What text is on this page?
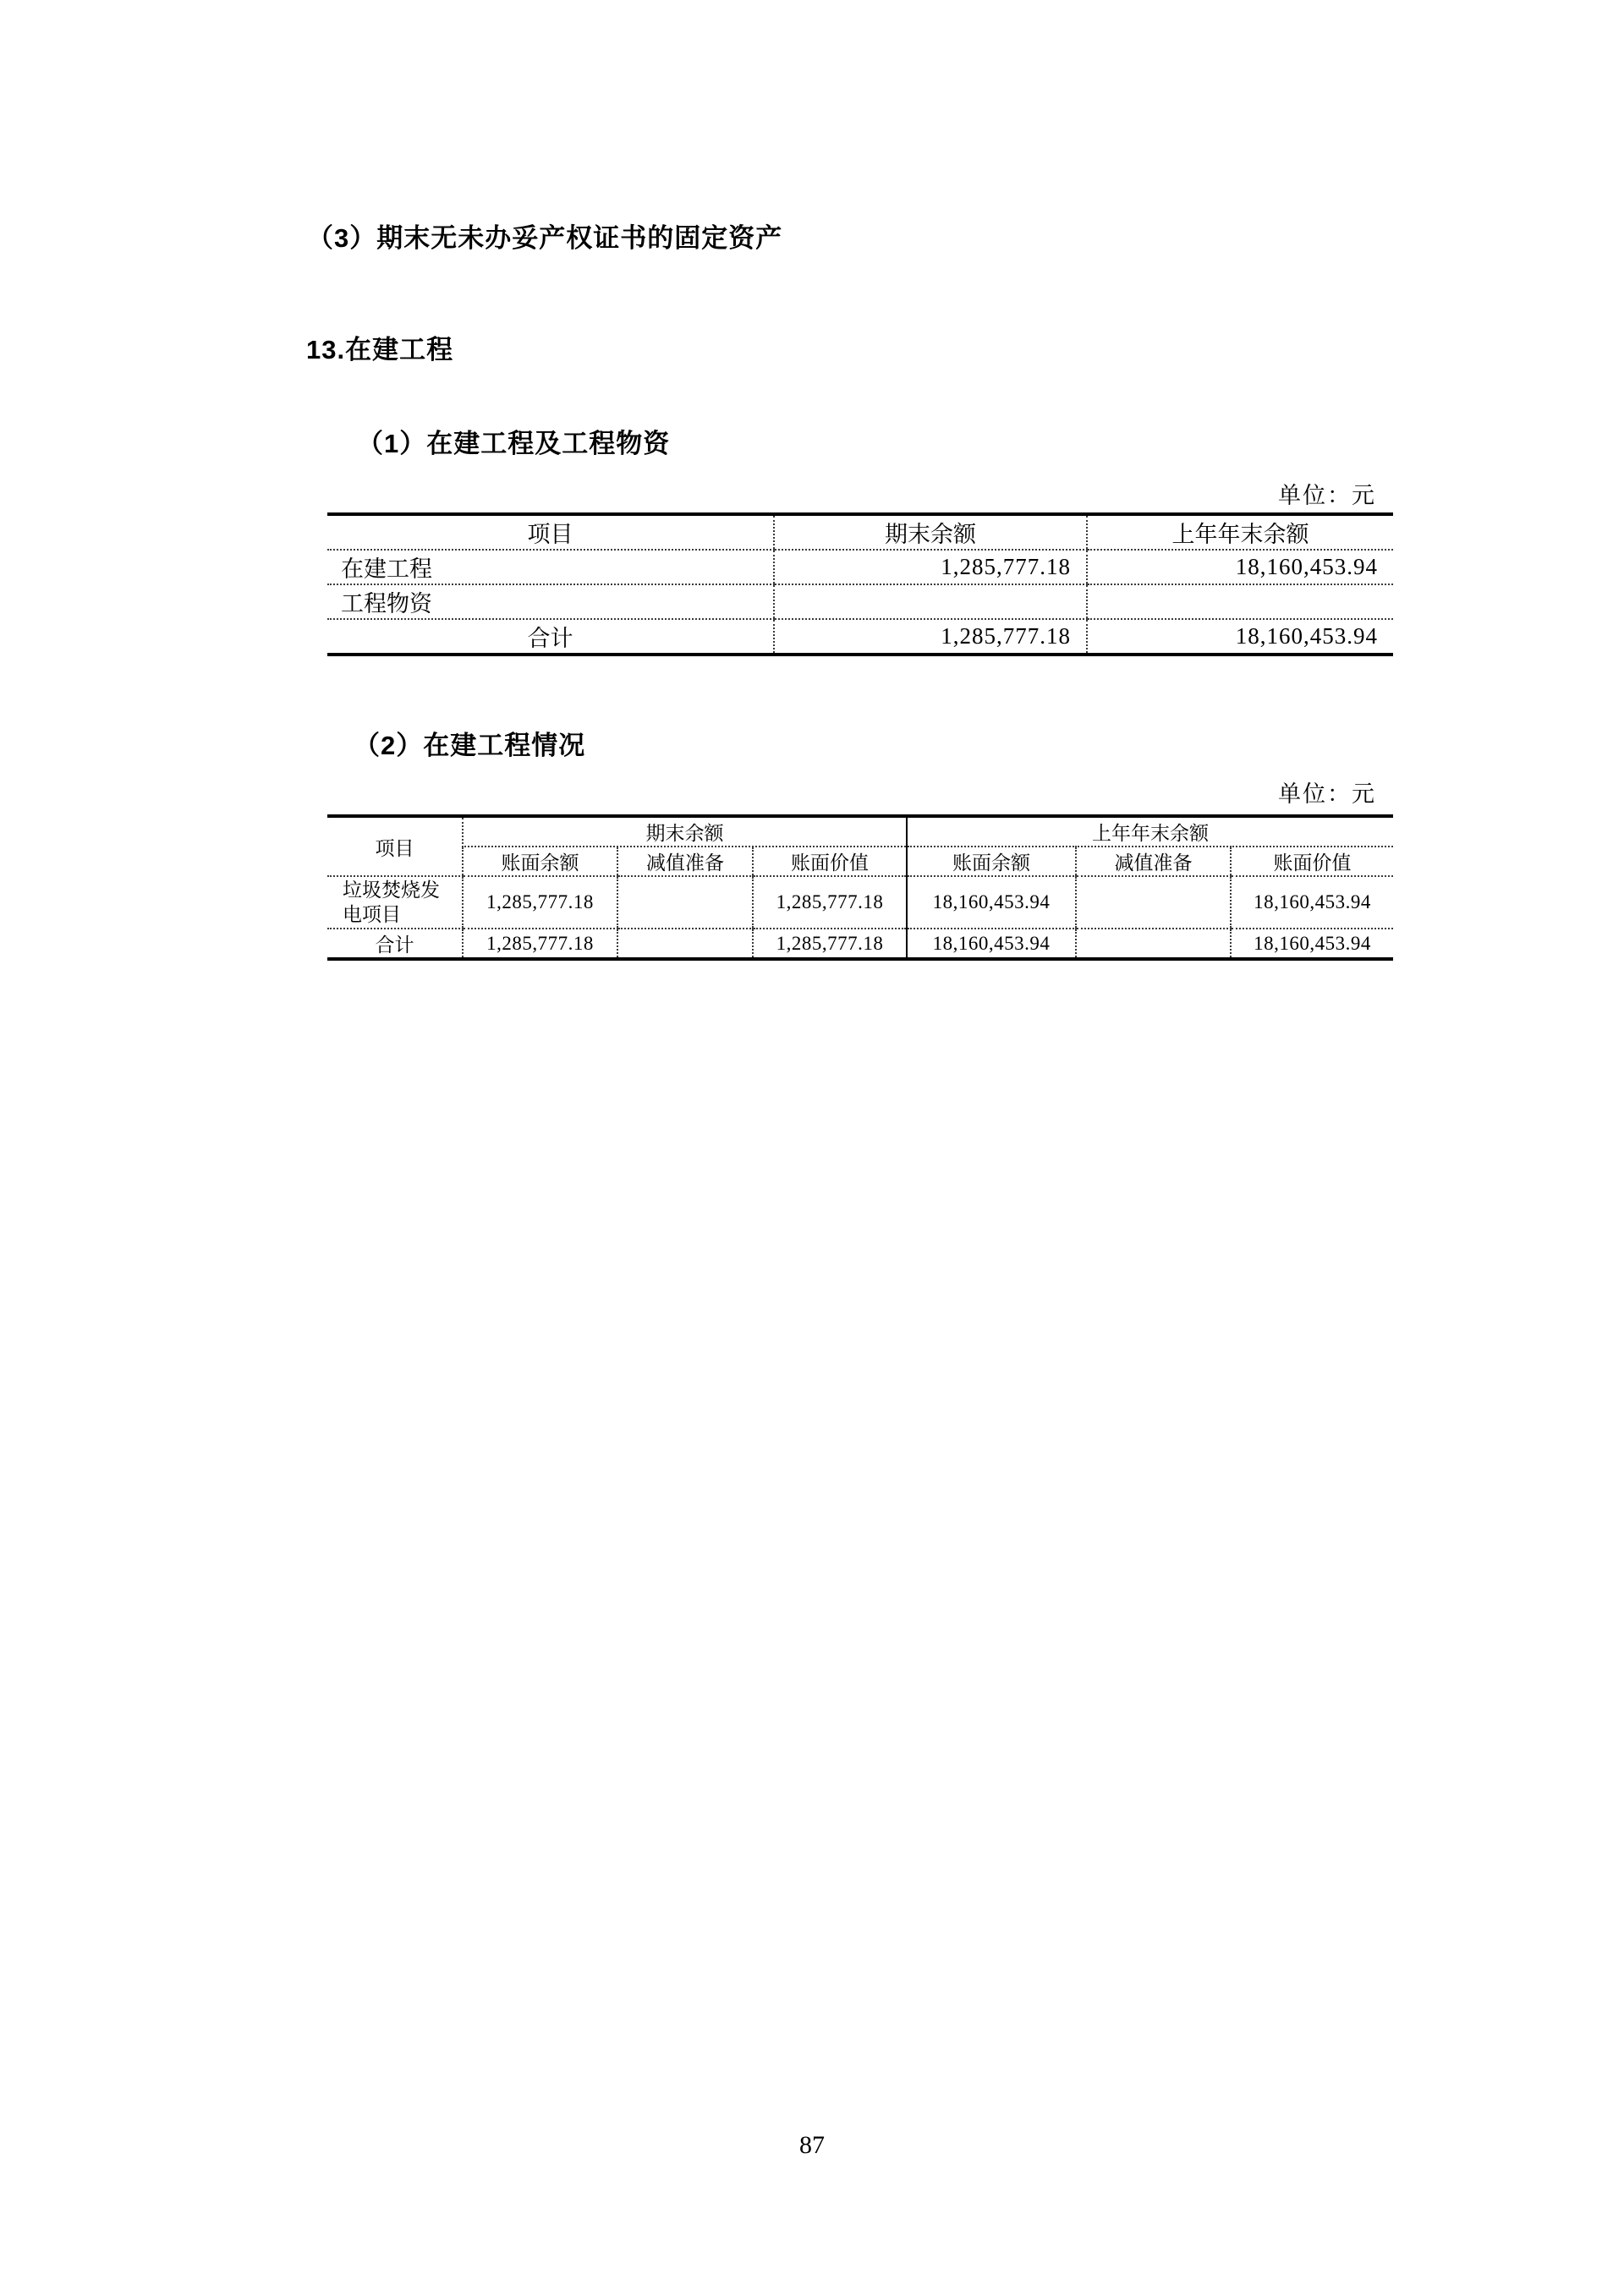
（3）期末无未办妥产权证书的固定资产
13.在建工程
（1）在建工程及工程物资
单位：元
项目	期末余额	上年年末余额
在建工程	1,285,777.18	18,160,453.94
工程物资		
合计	1,285,777.18	18,160,453.94
（2）在建工程情况
单位：元
项目	期末余额			上年年末余额		
	账面余额	减值准备	账面价值	账面余额	减值准备	账面价值
垃圾焚烧发电项目	1,285,777.18		1,285,777.18	18,160,453.94		18,160,453.94
合计	1,285,777.18		1,285,777.18	18,160,453.94		18,160,453.94
87
